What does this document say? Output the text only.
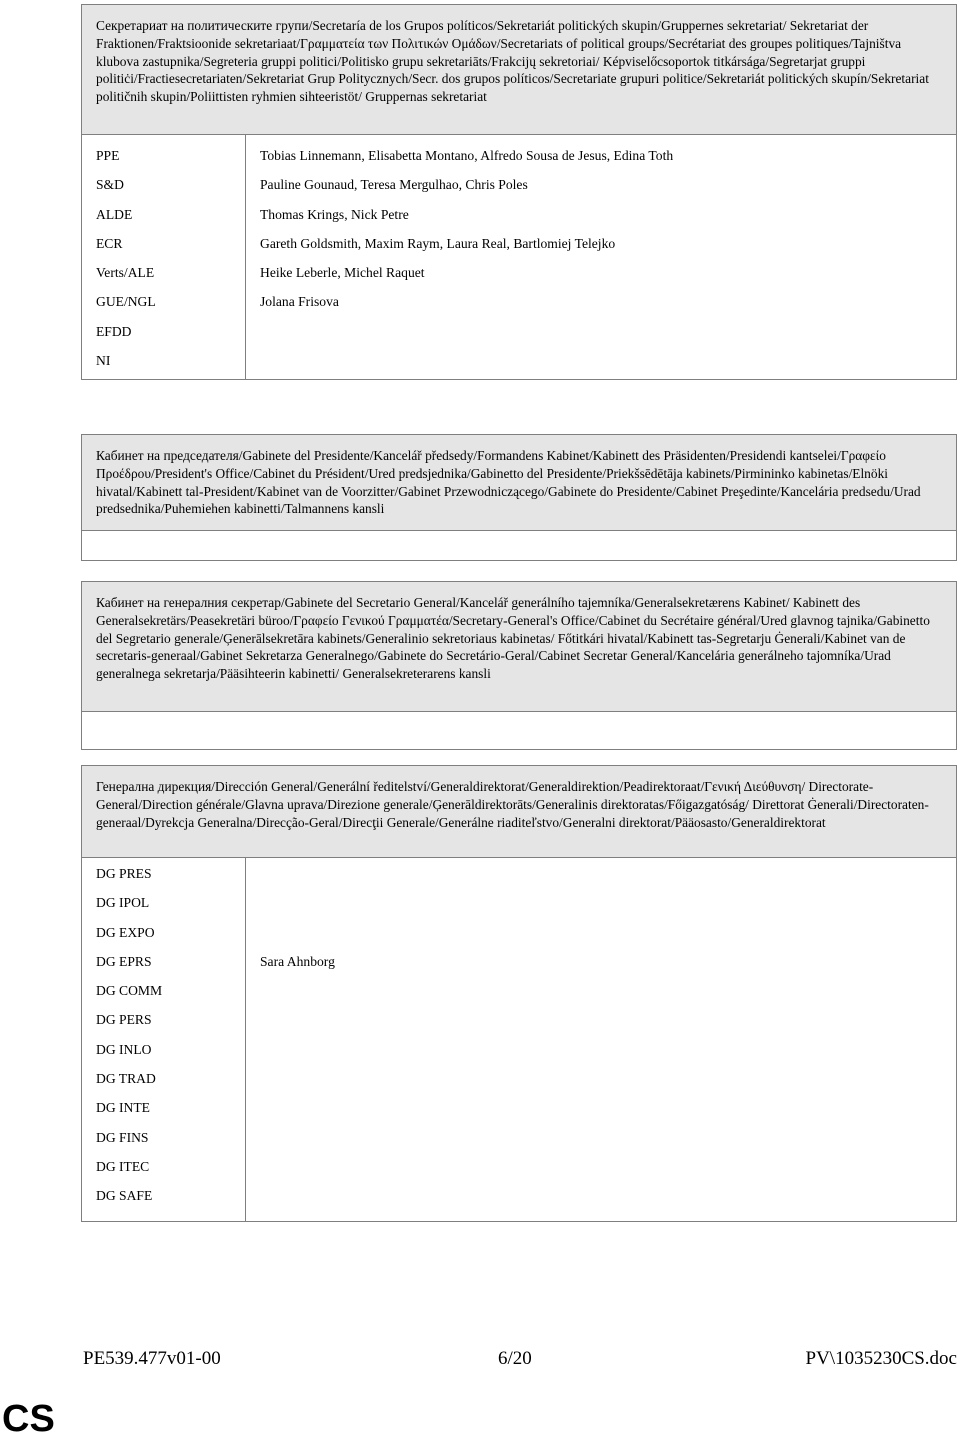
Секретариат на политическите групи/Secretaría de los Grupos políticos/Sekretariát politických skupin/Gruppernes sekretariat/ Sekretariat der Fraktionen/Fraktsioonide sekretariaat/Γραμματεία των Πολιτικών Ομάδων/Secretariats of political groups/Secrétariat des groupes politiques/Tajništva klubova zastupnika/Segreteria gruppi politici/Politisko grupu sekretariāts/Frakcijų sekretoriai/ Képviselőcsoportok titkársága/Segretarjat gruppi politiċi/Fractiesecretariaten/Sekretariat Grup Politycznych/Secr. dos grupos políticos/Secretariate grupuri politice/Sekretariát politických skupín/Sekretariat političnih skupin/Poliittisten ryhmien sihteeristöt/ Gruppernas sekretariat
PPE
S&D
ALDE
ECR
Verts/ALE
GUE/NGL
EFDD
NI
Tobias Linnemann, Elisabetta Montano, Alfredo Sousa de Jesus, Edina Toth
Pauline Gounaud, Teresa Mergulhao, Chris Poles
Thomas Krings, Nick Petre
Gareth Goldsmith, Maxim Raym, Laura Real, Bartlomiej Telejko
Heike Leberle, Michel Raquet
Jolana Frisova
Кабинет на председателя/Gabinete del Presidente/Kancelář předsedy/Formandens Kabinet/Kabinett des Präsidenten/Presidendi kantselei/Γραφείο Προέδρου/President's Office/Cabinet du Président/Ured predsjednika/Gabinetto del Presidente/Priekšsēdētāja kabinets/Pirmininko kabinetas/Elnöki hivatal/Kabinett tal-President/Kabinet van de Voorzitter/Gabinet Przewodniczącego/Gabinete do Presidente/Cabinet Preşedinte/Kancelária predsedu/Urad predsednika/Puhemiehen kabinetti/Talmannens kansli
Кабинет на генералния секретар/Gabinete del Secretario General/Kancelář generálního tajemníka/Generalsekretærens Kabinet/ Kabinett des Generalsekretärs/Peasekretäri büroo/Γραφείο Γενικού Γραμματέα/Secretary-General's Office/Cabinet du Secrétaire général/Ured glavnog tajnika/Gabinetto del Segretario generale/Ģenerālsekretāra kabinets/Generalinio sekretoriaus kabinetas/ Főtitkári hivatal/Kabinett tas-Segretarju Ġenerali/Kabinet van de secretaris-generaal/Gabinet Sekretarza Generalnego/Gabinete do Secretário-Geral/Cabinet Secretar General/Kancelária generálneho tajomníka/Urad generalnega sekretarja/Pääsihteerin kabinetti/ Generalsekreterarens kansli
Генерална дирекция/Dirección General/Generální ředitelství/Generaldirektorat/Generaldirektion/Peadirektoraat/Γενική Διεύθυνση/ Directorate-General/Direction générale/Glavna uprava/Direzione generale/Ģenerāldirektorāts/Generalinis direktoratas/Főigazgatóság/ Direttorat Ġenerali/Directoraten-generaal/Dyrekcja Generalna/Direcção-Geral/Direcţii Generale/Generálne riaditeľstvo/Generalni direktorat/Pääosasto/Generaldirektorat
DG PRES
DG IPOL
DG EXPO
DG EPRS
DG COMM
DG PERS
DG INLO
DG TRAD
DG INTE
DG FINS
DG ITEC
DG SAFE
Sara Ahnborg
PE539.477v01-00	6/20	PV\1035230CS.doc
CS
